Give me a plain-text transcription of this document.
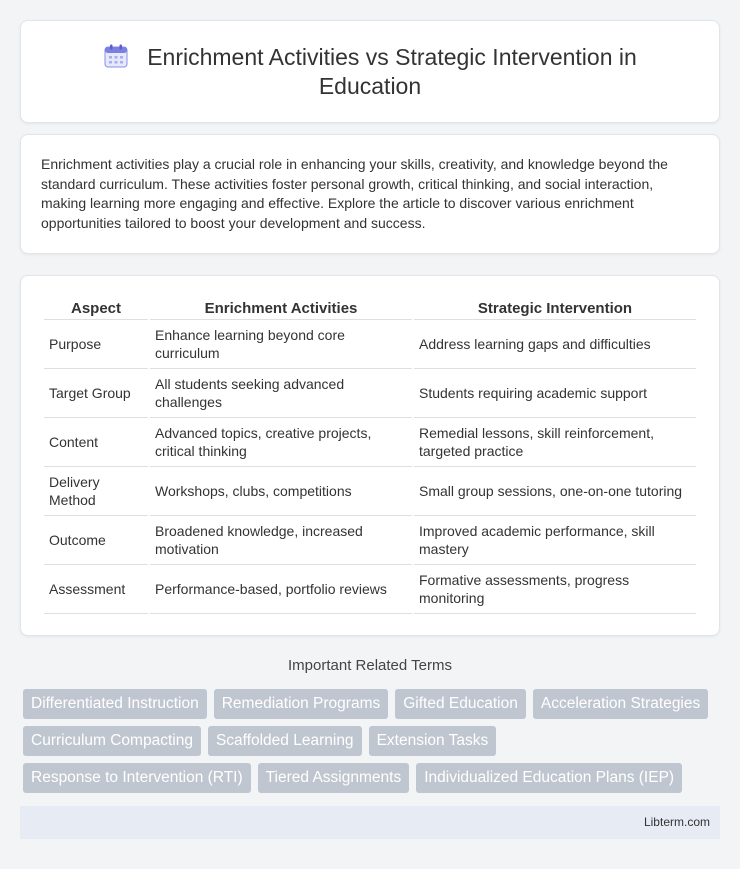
Enrichment Activities vs Strategic Intervention in Education

Enrichment activities play a crucial role in enhancing your skills, creativity, and knowledge beyond the standard curriculum. These activities foster personal growth, critical thinking, and social interaction, making learning more engaging and effective. Explore the article to discover various enrichment opportunities tailored to boost your development and success.

Aspect	Enrichment Activities	Strategic Intervention
Purpose	Enhance learning beyond core curriculum	Address learning gaps and difficulties
Target Group	All students seeking advanced challenges	Students requiring academic support
Content	Advanced topics, creative projects, critical thinking	Remedial lessons, skill reinforcement, targeted practice
Delivery Method	Workshops, clubs, competitions	Small group sessions, one-on-one tutoring
Outcome	Broadened knowledge, increased motivation	Improved academic performance, skill mastery
Assessment	Performance-based, portfolio reviews	Formative assessments, progress monitoring
Important Related Terms
Differentiated Instruction	Remediation Programs	Gifted Education	Acceleration Strategies
Curriculum Compacting	Scaffolded Learning	Extension Tasks
Response to Intervention (RTI)	Tiered Assignments	Individualized Education Plans (IEP)
Libterm.com
